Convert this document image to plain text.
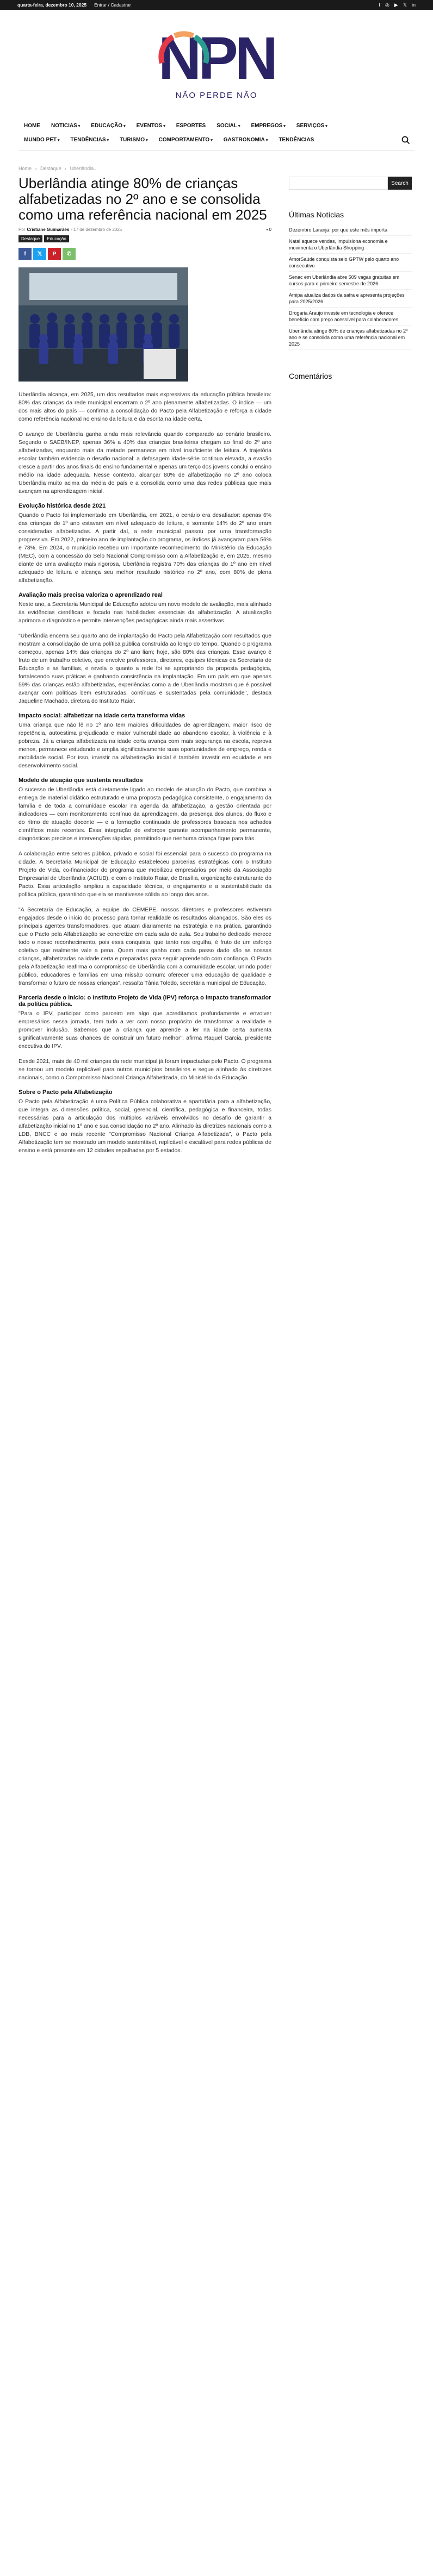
quarta-feira, dezembro 10, 2025 Entrar / Cadastrar	f ◎ ▶ 𝕏 in
NPN
NÃO PERDE NÃO
HOME	NOTICIAS ▾	EDUCAÇÃO ▾	EVENTOS ▾	ESPORTES	SOCIAL ▾	EMPREGOS ▾	SERVIÇOS ▾
MUNDO PET ▾	TENDÊNCIAS ▾	TURISMO ▾	COMPORTAMENTO ▾	GASTRONOMIA ▾	TENDÊNCIAS
Home › Destaque › Uberlândia...
Uberlândia atinge 80% de crianças alfabetizadas no 2º ano e se consolida como uma referência nacional em 2025
Por Cristiane Guimarães - 17 de dezembro de 2025	▪ 0
Destaque	Educação
f	𝕏	P	✆

Uberlândia alcança, em 2025, um dos resultados mais expressivos da educação pública brasileira: 80% das crianças da rede municipal encerram o 2º ano plenamente alfabetizadas. O índice — um dos mais altos do país — confirma a consolidação do Pacto pela Alfabetização e reforça a cidade como referência nacional no ensino da leitura e da escrita na idade certa.

O avanço de Uberlândia ganha ainda mais relevância quando comparado ao cenário brasileiro. Segundo o SAEB/INEP, apenas 36% a 40% das crianças brasileiras chegam ao final do 2º ano alfabetizadas, enquanto mais da metade permanece em nível insuficiente de leitura. A trajetória escolar também evidencia o desafio nacional: a defasagem idade-série continua elevada, a evasão cresce a partir dos anos finais do ensino fundamental e apenas um terço dos jovens conclui o ensino médio na idade adequada. Nesse contexto, alcançar 80% de alfabetização no 2º ano coloca Uberlândia muito acima da média do país e a consolida como uma das redes públicas que mais avançam na aprendizagem inicial.

Evolução histórica desde 2021

Quando o Pacto foi implementado em Uberlândia, em 2021, o cenário era desafiador: apenas 6% das crianças do 1º ano estavam em nível adequado de leitura, e somente 14% do 2º ano eram consideradas alfabetizadas. A partir daí, a rede municipal passou por uma transformação progressiva. Em 2022, primeiro ano de implantação do programa, os índices já avançaram para 56% e 73%. Em 2024, o município recebeu um importante reconhecimento do Ministério da Educação (MEC), com a concessão do Selo Nacional Compromisso com a Alfabetização e, em 2025, mesmo diante de uma avaliação mais rigorosa, Uberlândia registra 70% das crianças do 1º ano em nível adequado de leitura e alcança seu melhor resultado histórico no 2º ano, com 80% de plena alfabetização.

Avaliação mais precisa valoriza o aprendizado real

Neste ano, a Secretaria Municipal de Educação adotou um novo modelo de avaliação, mais alinhado às evidências científicas e focado nas habilidades essenciais da alfabetização. A atualização aprimora o diagnóstico e permite intervenções pedagógicas ainda mais assertivas.

"Uberlândia encerra seu quarto ano de implantação do Pacto pela Alfabetização com resultados que mostram a consolidação de uma política pública construída ao longo do tempo. Quando o programa começou, apenas 14% das crianças do 2º ano liam; hoje, são 80% das crianças. Esse avanço é fruto de um trabalho coletivo, que envolve professores, diretores, equipes técnicas da Secretaria de Educação e as famílias, e revela o quanto a rede foi se apropriando da proposta pedagógica, fortalecendo suas práticas e ganhando consistência na implantação. Em um país em que apenas 59% das crianças estão alfabetizadas, experiências como a de Uberlândia mostram que é possível avançar com políticas bem estruturadas, contínuas e sustentadas pela comunidade", destaca Jaqueline Machado, diretora do Instituto Raiar.

Impacto social: alfabetizar na idade certa transforma vidas

Uma criança que não lê no 1º ano tem maiores dificuldades de aprendizagem, maior risco de repetência, autoestima prejudicada e maior vulnerabilidade ao abandono escolar, à violência e à pobreza. Já a criança alfabetizada na idade certa avança com mais segurança na escola, reprova menos, permanece estudando e amplia significativamente suas oportunidades de emprego, renda e mobilidade social. Por isso, investir na alfabetização inicial é também investir em equidade e em desenvolvimento social.

Modelo de atuação que sustenta resultados

O sucesso de Uberlândia está diretamente ligado ao modelo de atuação do Pacto, que combina a entrega de material didático estruturado e uma proposta pedagógica consistente, o engajamento da família e de toda a comunidade escolar na agenda da alfabetização, a gestão orientada por indicadores — com monitoramento contínuo da aprendizagem, da presença dos alunos, do fluxo e do ritmo de atuação docente — e a formação continuada de professores baseada nos achados científicos mais recentes. Essa integração de esforços garante acompanhamento permanente, diagnósticos precisos e intervenções rápidas, permitindo que nenhuma criança fique para trás.

A colaboração entre setores público, privado e social foi essencial para o sucesso do programa na cidade. A Secretaria Municipal de Educação estabeleceu parcerias estratégicas com o Instituto Projeto de Vida, co-financiador do programa que mobilizou empresários por meio da Associação Empresarial de Uberlândia (ACIUB), e com o Instituto Raiar, de Brasília, organização estruturante do Pacto. Essa articulação ampliou a capacidade técnica, o engajamento e a sustentabilidade da política pública, garantindo que ela se mantivesse sólida ao longo dos anos.

"A Secretaria de Educação, a equipe do CEMEPE, nossos diretores e professores estiveram engajados desde o início do processo para tornar realidade os resultados alcançados. São eles os principais agentes transformadores, que atuam diariamente na estratégia e na prática, garantindo que o Pacto pela Alfabetização se concretize em cada sala de aula. Seu trabalho dedicado merece todo o nosso reconhecimento, pois essa conquista, que tanto nos orgulha, é fruto de um esforço coletivo que realmente vale a pena. Quem mais ganha com cada passo dado são as nossas crianças, alfabetizadas na idade certa e preparadas para seguir aprendendo com confiança. O Pacto pela Alfabetização reafirma o compromisso de Uberlândia com a comunidade escolar, unindo poder público, educadores e famílias em uma missão comum: oferecer uma educação de qualidade e transformar o futuro de nossas crianças", ressalta Tânia Toledo, secretária municipal de Educação.

Parceria desde o início: o Instituto Projeto de Vida (IPV) reforça o impacto transformador da política pública.

"Para o IPV, participar como parceiro em algo que acreditamos profundamente e envolver empresários nessa jornada, tem tudo a ver com nosso propósito de transformar a realidade e promover inclusão. Sabemos que a criança que aprende a ler na idade certa aumenta significativamente suas chances de construir um futuro melhor", afirma Raquel Garcia, presidente executiva do IPV.

Desde 2021, mais de 40 mil crianças da rede municipal já foram impactadas pelo Pacto. O programa se tornou um modelo replicável para outros municípios brasileiros e segue alinhado às diretrizes nacionais, como o Compromisso Nacional Criança Alfabetizada, do Ministério da Educação.

Sobre o Pacto pela Alfabetização

O Pacto pela Alfabetização é uma Política Pública colaborativa e apartidária para a alfabetização, que integra as dimensões política, social, gerencial, científica, pedagógica e financeira, todas necessárias para a articulação dos múltiplos variáveis envolvidos no desafio de garantir a alfabetização inicial no 1º ano e sua consolidação no 2º ano. Alinhado às diretrizes nacionais como a LDB, BNCC e ao mais recente "Compromisso Nacional Criança Alfabetizada", o Pacto pela Alfabetização tem se mostrado um modelo sustentável, replicável e escalável para redes públicas de ensino e está presente em 12 cidades espalhadas por 5 estados.

Search
Últimas Notícias
Dezembro Laranja: por que este mês importa
Natal aquece vendas, impulsiona economia e movimenta o Uberlândia Shopping
AmorSaúde conquista selo GPTW pelo quarto ano consecutivo
Senac em Uberlândia abre 509 vagas gratuitas em cursos para o primeiro semestre de 2026
Amipa atualiza dados da safra e apresenta projeções para 2025/2026
Drogaria Araujo investe em tecnologia e oferece benefício com preço acessível para colaboradores
Uberlândia atinge 80% de crianças alfabetizadas no 2º ano e se consolida como uma referência nacional em 2025
Comentários
